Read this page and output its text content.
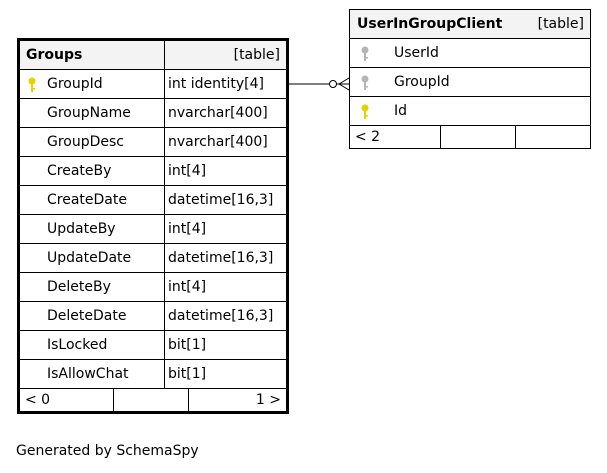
Groups	[table]

GroupId	int identity[4]
GroupName	nvarchar[400]
GroupDesc	nvarchar[400]
CreateBy	int[4]
CreateDate	datetime[16,3]
UpdateBy	int[4]
UpdateDate	datetime[16,3]
DeleteBy	int[4]
DeleteDate	datetime[16,3]
IsLocked	bit[1]
IsAllowChat	bit[1]

< 0		1 >
UserInGroupClient	[table]

UserId

GroupId

Id

< 2		
Generated by SchemaSpy
